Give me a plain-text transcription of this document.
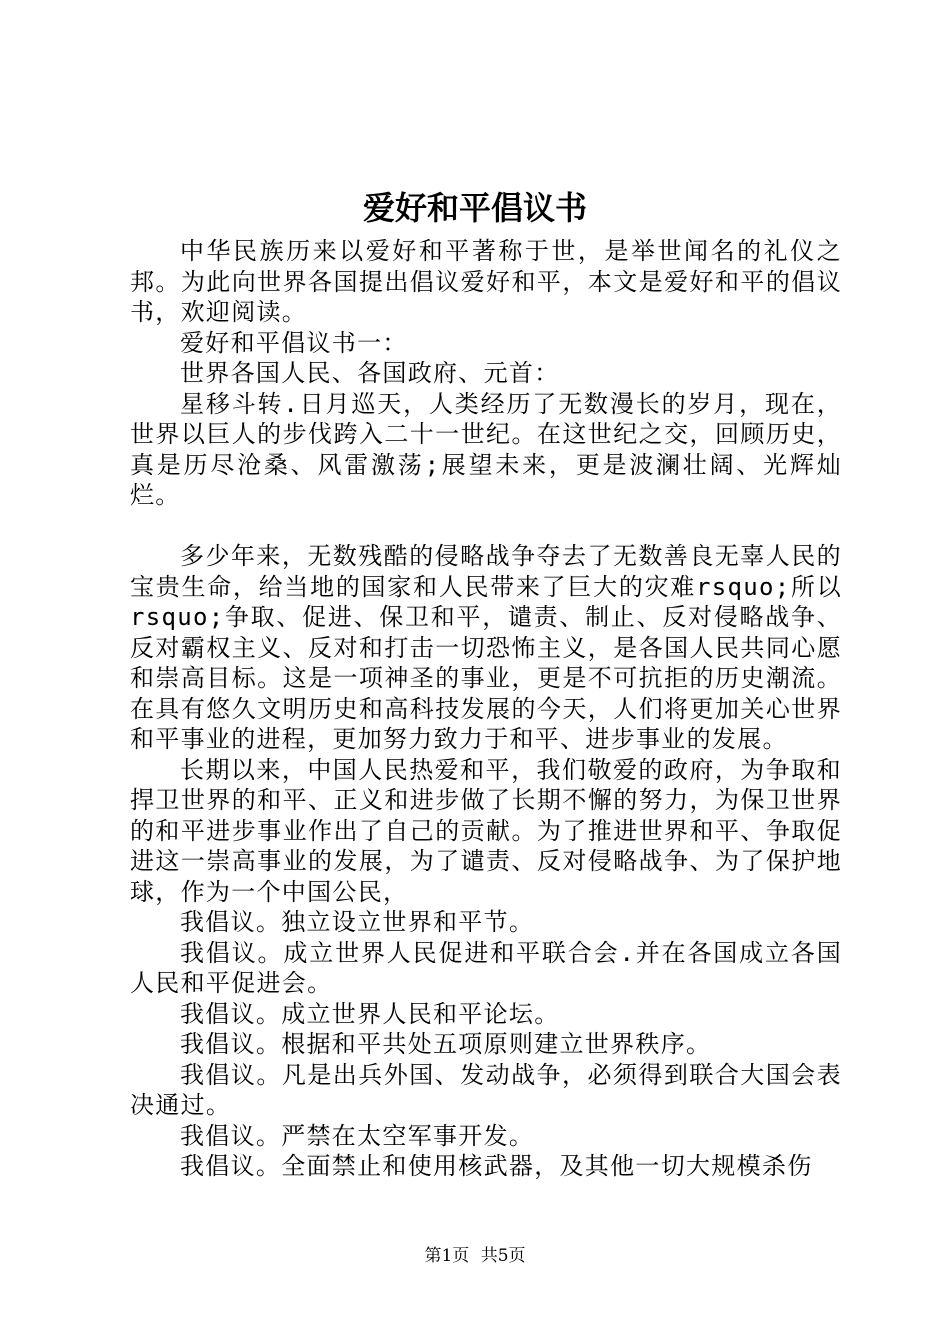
爱好和平倡议书

中华民族历来以爱好和平著称于世，是举世闻名的礼仪之邦。为此向世界各国提出倡议爱好和平，本文是爱好和平的倡议书，欢迎阅读。

爱好和平倡议书一：

世界各国人民、各国政府、元首：

星移斗转.日月巡天，人类经历了无数漫长的岁月，现在，世界以巨人的步伐跨入二十一世纪。在这世纪之交，回顾历史，真是历尽沧桑、风雷激荡;展望未来，更是波澜壮阔、光辉灿烂。

多少年来，无数残酷的侵略战争夺去了无数善良无辜人民的宝贵生命，给当地的国家和人民带来了巨大的灾难rsquo;所以rsquo;争取、促进、保卫和平，谴责、制止、反对侵略战争、反对霸权主义、反对和打击一切恐怖主义，是各国人民共同心愿和崇高目标。这是一项神圣的事业，更是不可抗拒的历史潮流。在具有悠久文明历史和高科技发展的今天，人们将更加关心世界和平事业的进程，更加努力致力于和平、进步事业的发展。

长期以来，中国人民热爱和平，我们敬爱的政府，为争取和捍卫世界的和平、正义和进步做了长期不懈的努力，为保卫世界的和平进步事业作出了自己的贡献。为了推进世界和平、争取促进这一崇高事业的发展，为了谴责、反对侵略战争、为了保护地球，作为一个中国公民，

我倡议。独立设立世界和平节。

我倡议。成立世界人民促进和平联合会.并在各国成立各国人民和平促进会。

我倡议。成立世界人民和平论坛。

我倡议。根据和平共处五项原则建立世界秩序。

我倡议。凡是出兵外国、发动战争，必须得到联合大国会表决通过。

我倡议。严禁在太空军事开发。

我倡议。全面禁止和使用核武器，及其他一切大规模杀伤

第1页 共5页
